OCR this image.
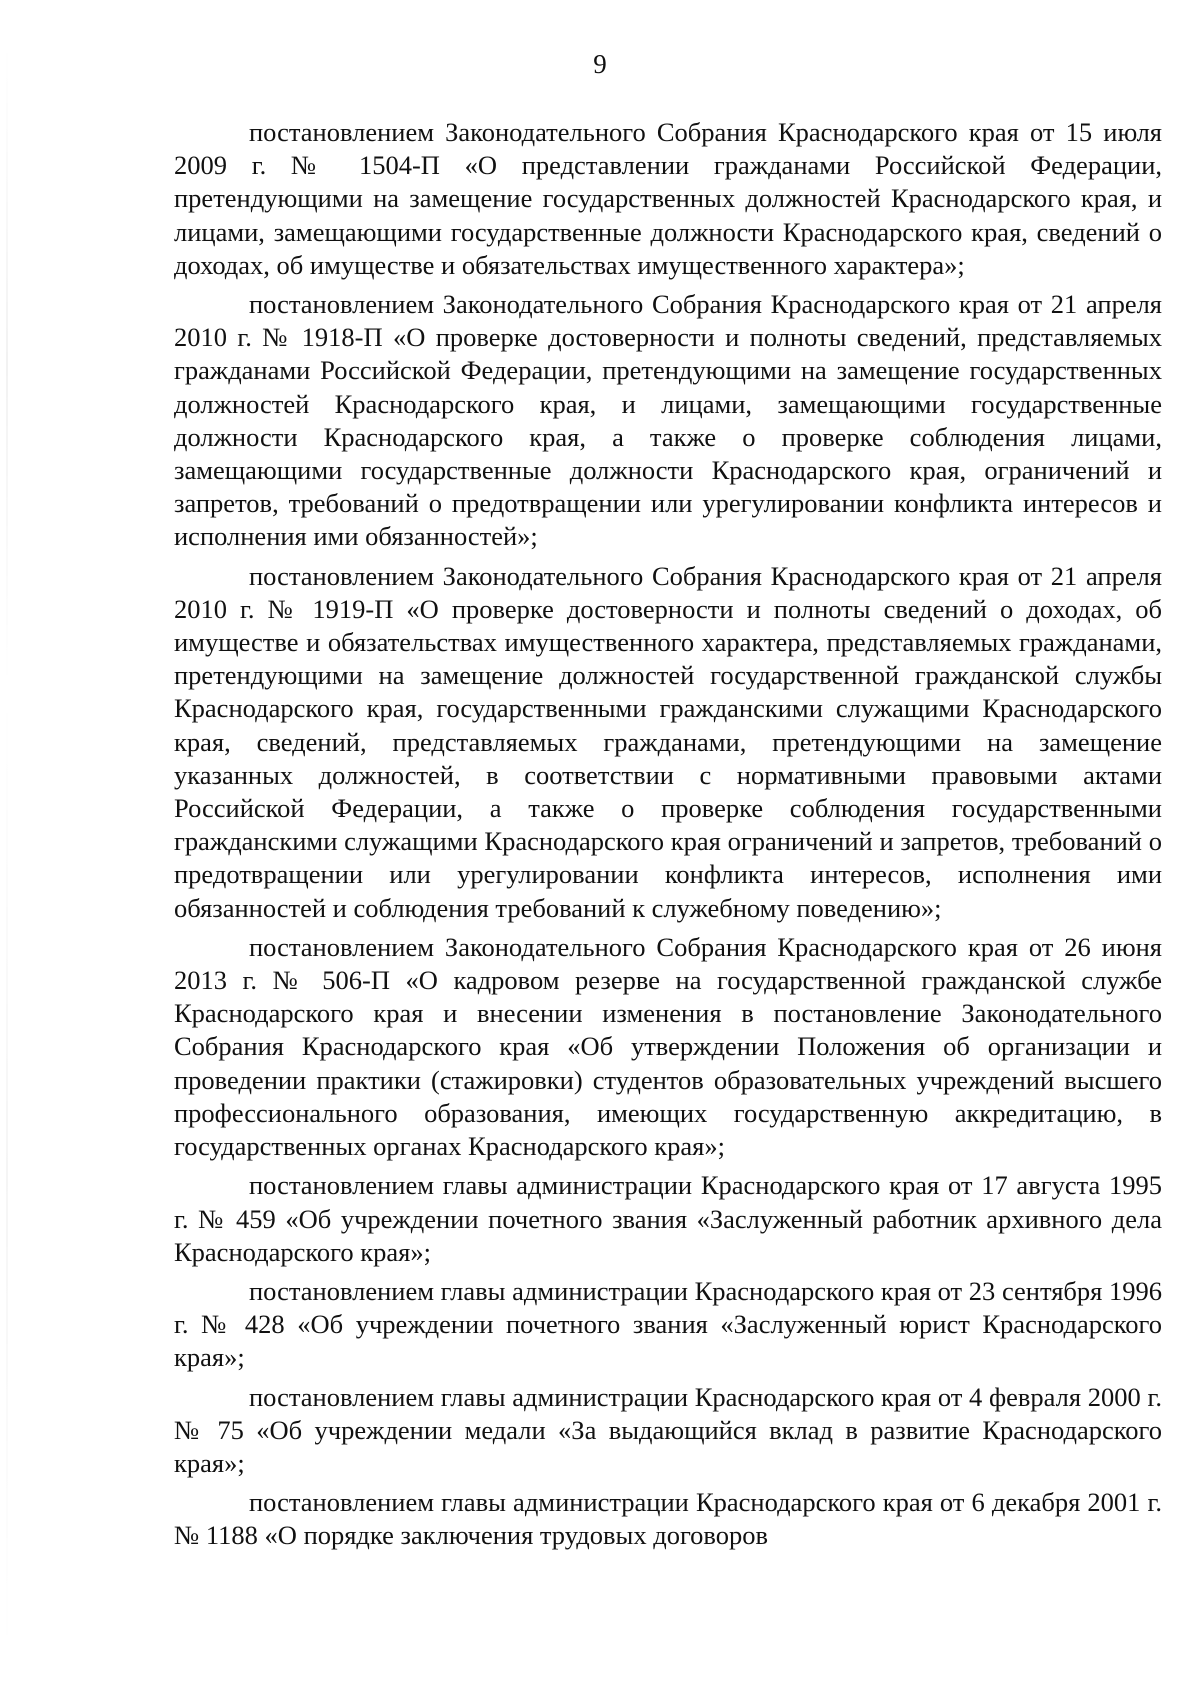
9

постановлением Законодательного Собрания Краснодарского края от 15 июля 2009 г. № 1504-П «О представлении гражданами Российской Федерации, претендующими на замещение государственных должностей Краснодарского края, и лицами, замещающими государственные должности Краснодарского края, сведений о доходах, об имуществе и обязательствах имущественного характера»;

постановлением Законодательного Собрания Краснодарского края от 21 апреля 2010 г. № 1918-П «О проверке достоверности и полноты сведений, представляемых гражданами Российской Федерации, претендующими на замещение государственных должностей Краснодарского края, и лицами, замещающими государственные должности Краснодарского края, а также о проверке соблюдения лицами, замещающими государственные должности Краснодарского края, ограничений и запретов, требований о предотвращении или урегулировании конфликта интересов и исполнения ими обязанностей»;

постановлением Законодательного Собрания Краснодарского края от 21 апреля 2010 г. № 1919-П «О проверке достоверности и полноты сведений о доходах, об имуществе и обязательствах имущественного характера, представляемых гражданами, претендующими на замещение должностей государственной гражданской службы Краснодарского края, государственными гражданскими служащими Краснодарского края, сведений, представляемых гражданами, претендующими на замещение указанных должностей, в соответствии с нормативными правовыми актами Российской Федерации, а также о проверке соблюдения государственными гражданскими служащими Краснодарского края ограничений и запретов, требований о предотвращении или урегулировании конфликта интересов, исполнения ими обязанностей и соблюдения требований к служебному поведению»;

постановлением Законодательного Собрания Краснодарского края от 26 июня 2013 г. № 506-П «О кадровом резерве на государственной гражданской службе Краснодарского края и внесении изменения в постановление Законодательного Собрания Краснодарского края «Об утверждении Положения об организации и проведении практики (стажировки) студентов образовательных учреждений высшего профессионального образования, имеющих государственную аккредитацию, в государственных органах Краснодарского края»;

постановлением главы администрации Краснодарского края от 17 августа 1995 г. № 459 «Об учреждении почетного звания «Заслуженный работник архивного дела Краснодарского края»;

постановлением главы администрации Краснодарского края от 23 сентября 1996 г. № 428 «Об учреждении почетного звания «Заслуженный юрист Краснодарского края»;

постановлением главы администрации Краснодарского края от 4 февраля 2000 г. № 75 «Об учреждении медали «За выдающийся вклад в развитие Краснодарского края»;

постановлением главы администрации Краснодарского края от 6 декабря 2001 г. № 1188 «О порядке заключения трудовых договоров
